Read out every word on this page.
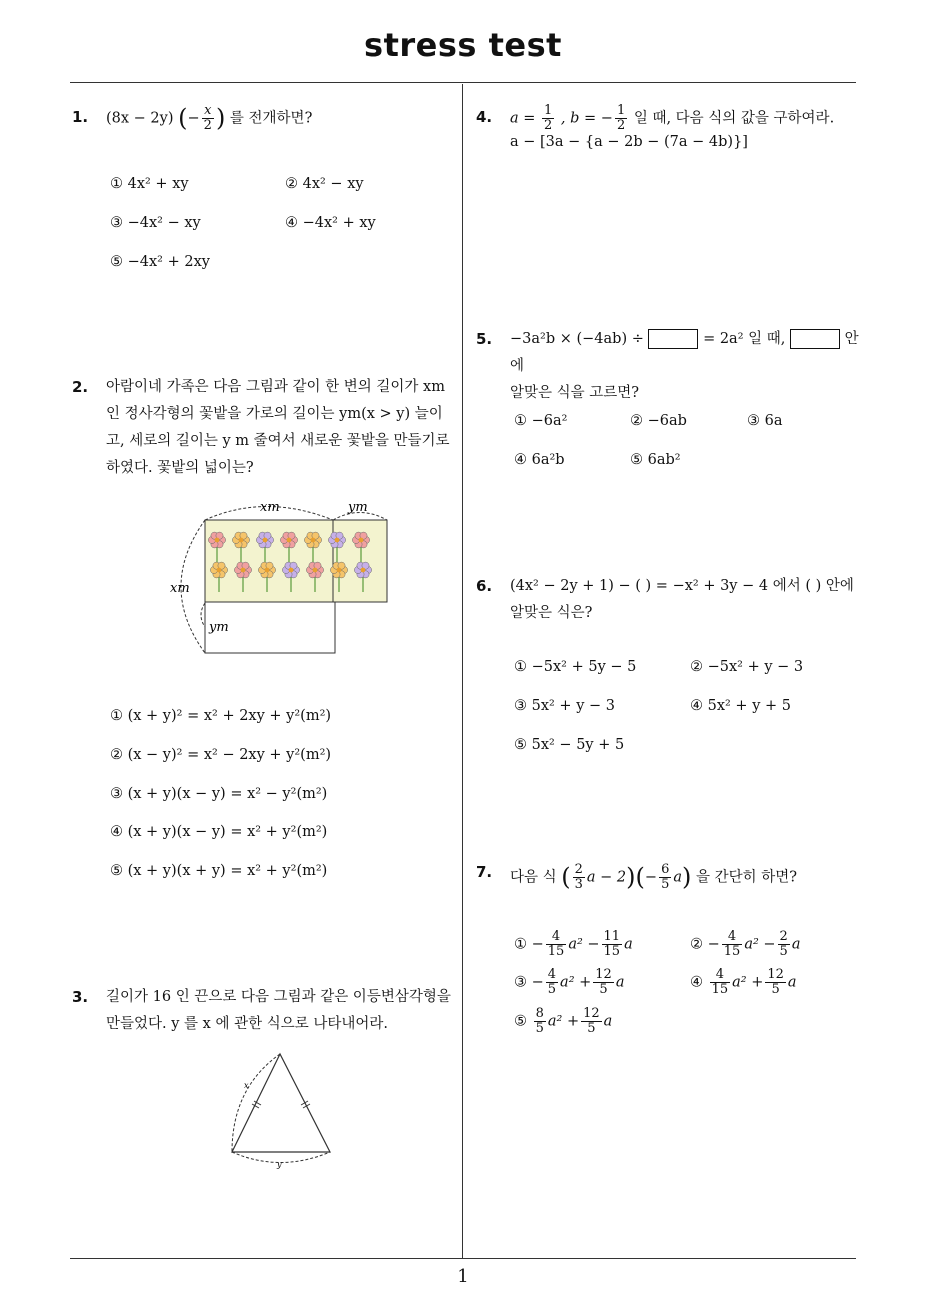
stress test
1
1. (8x − 2y) (− $\frac{x}{2}$ ) 를 전개하면?
① 4x² + xy	② 4x² − xy
③ −4x² − xy	④ −4x² + xy
⑤ −4x² + 2xy
2. 아람이네 가족은 다음 그림과 같이 한 변의 길이가 xm
인 정사각형의 꽃밭을 가로의 길이는 ym(x > y) 늘이
고, 세로의 길이는 y m 줄여서 새로운 꽃밭을 만들기로
하였다. 꽃밭의 넓이는?
xm	ym
xm
ym
① (x + y)² = x² + 2xy + y²(m²)
② (x − y)² = x² − 2xy + y²(m²)
③ (x + y)(x − y) = x² − y²(m²)
④ (x + y)(x − y) = x² + y²(m²)
⑤ (x + y)(x + y) = x² + y²(m²)
3. 길이가 16 인 끈으로 다음 그림과 같은 이등변삼각형을
만들었다. y 를 x 에 관한 식으로 나타내어라.
x
y
4. $a = \frac{1}{2}$ , b = − $\frac{1}{2}$ 일 때, 다음 식의 값을 구하여라.
a − [3a − {a − 2b − (7a − 4b)}]
5. −3a²b × (−4ab) ÷	= 2a² 일 때,	안에
알맞은 식을 고르면?
① −6a²	② −6ab	③ 6a
④ 6a²b	⑤ 6ab²
6. (4x² − 2y + 1) − ( ) = −x² + 3y − 4 에서 ( ) 안에
알맞은 식은?
① −5x² + 5y − 5	② −5x² + y − 3
③ 5x² + y − 3	④ 5x² + y + 5
⑤ 5x² − 5y + 5
7. 다음 식 ( $\frac{2}{3}$ $a - 2)(- \frac{6}{5} a)$ 을 간단히 하면?
① − $\frac{4}{15} a^2 - \frac{11}{15}$ a	② − $\frac{4}{15} a^2 - \frac{2}{5}$ a
③ − $\frac{4}{5} a^2 + \frac{12}{5}$ a	④ $\frac{4}{15} a^2 + \frac{12}{5}$ a
⑤ $\frac{8}{5} a^2 + \frac{12}{5}$ a
